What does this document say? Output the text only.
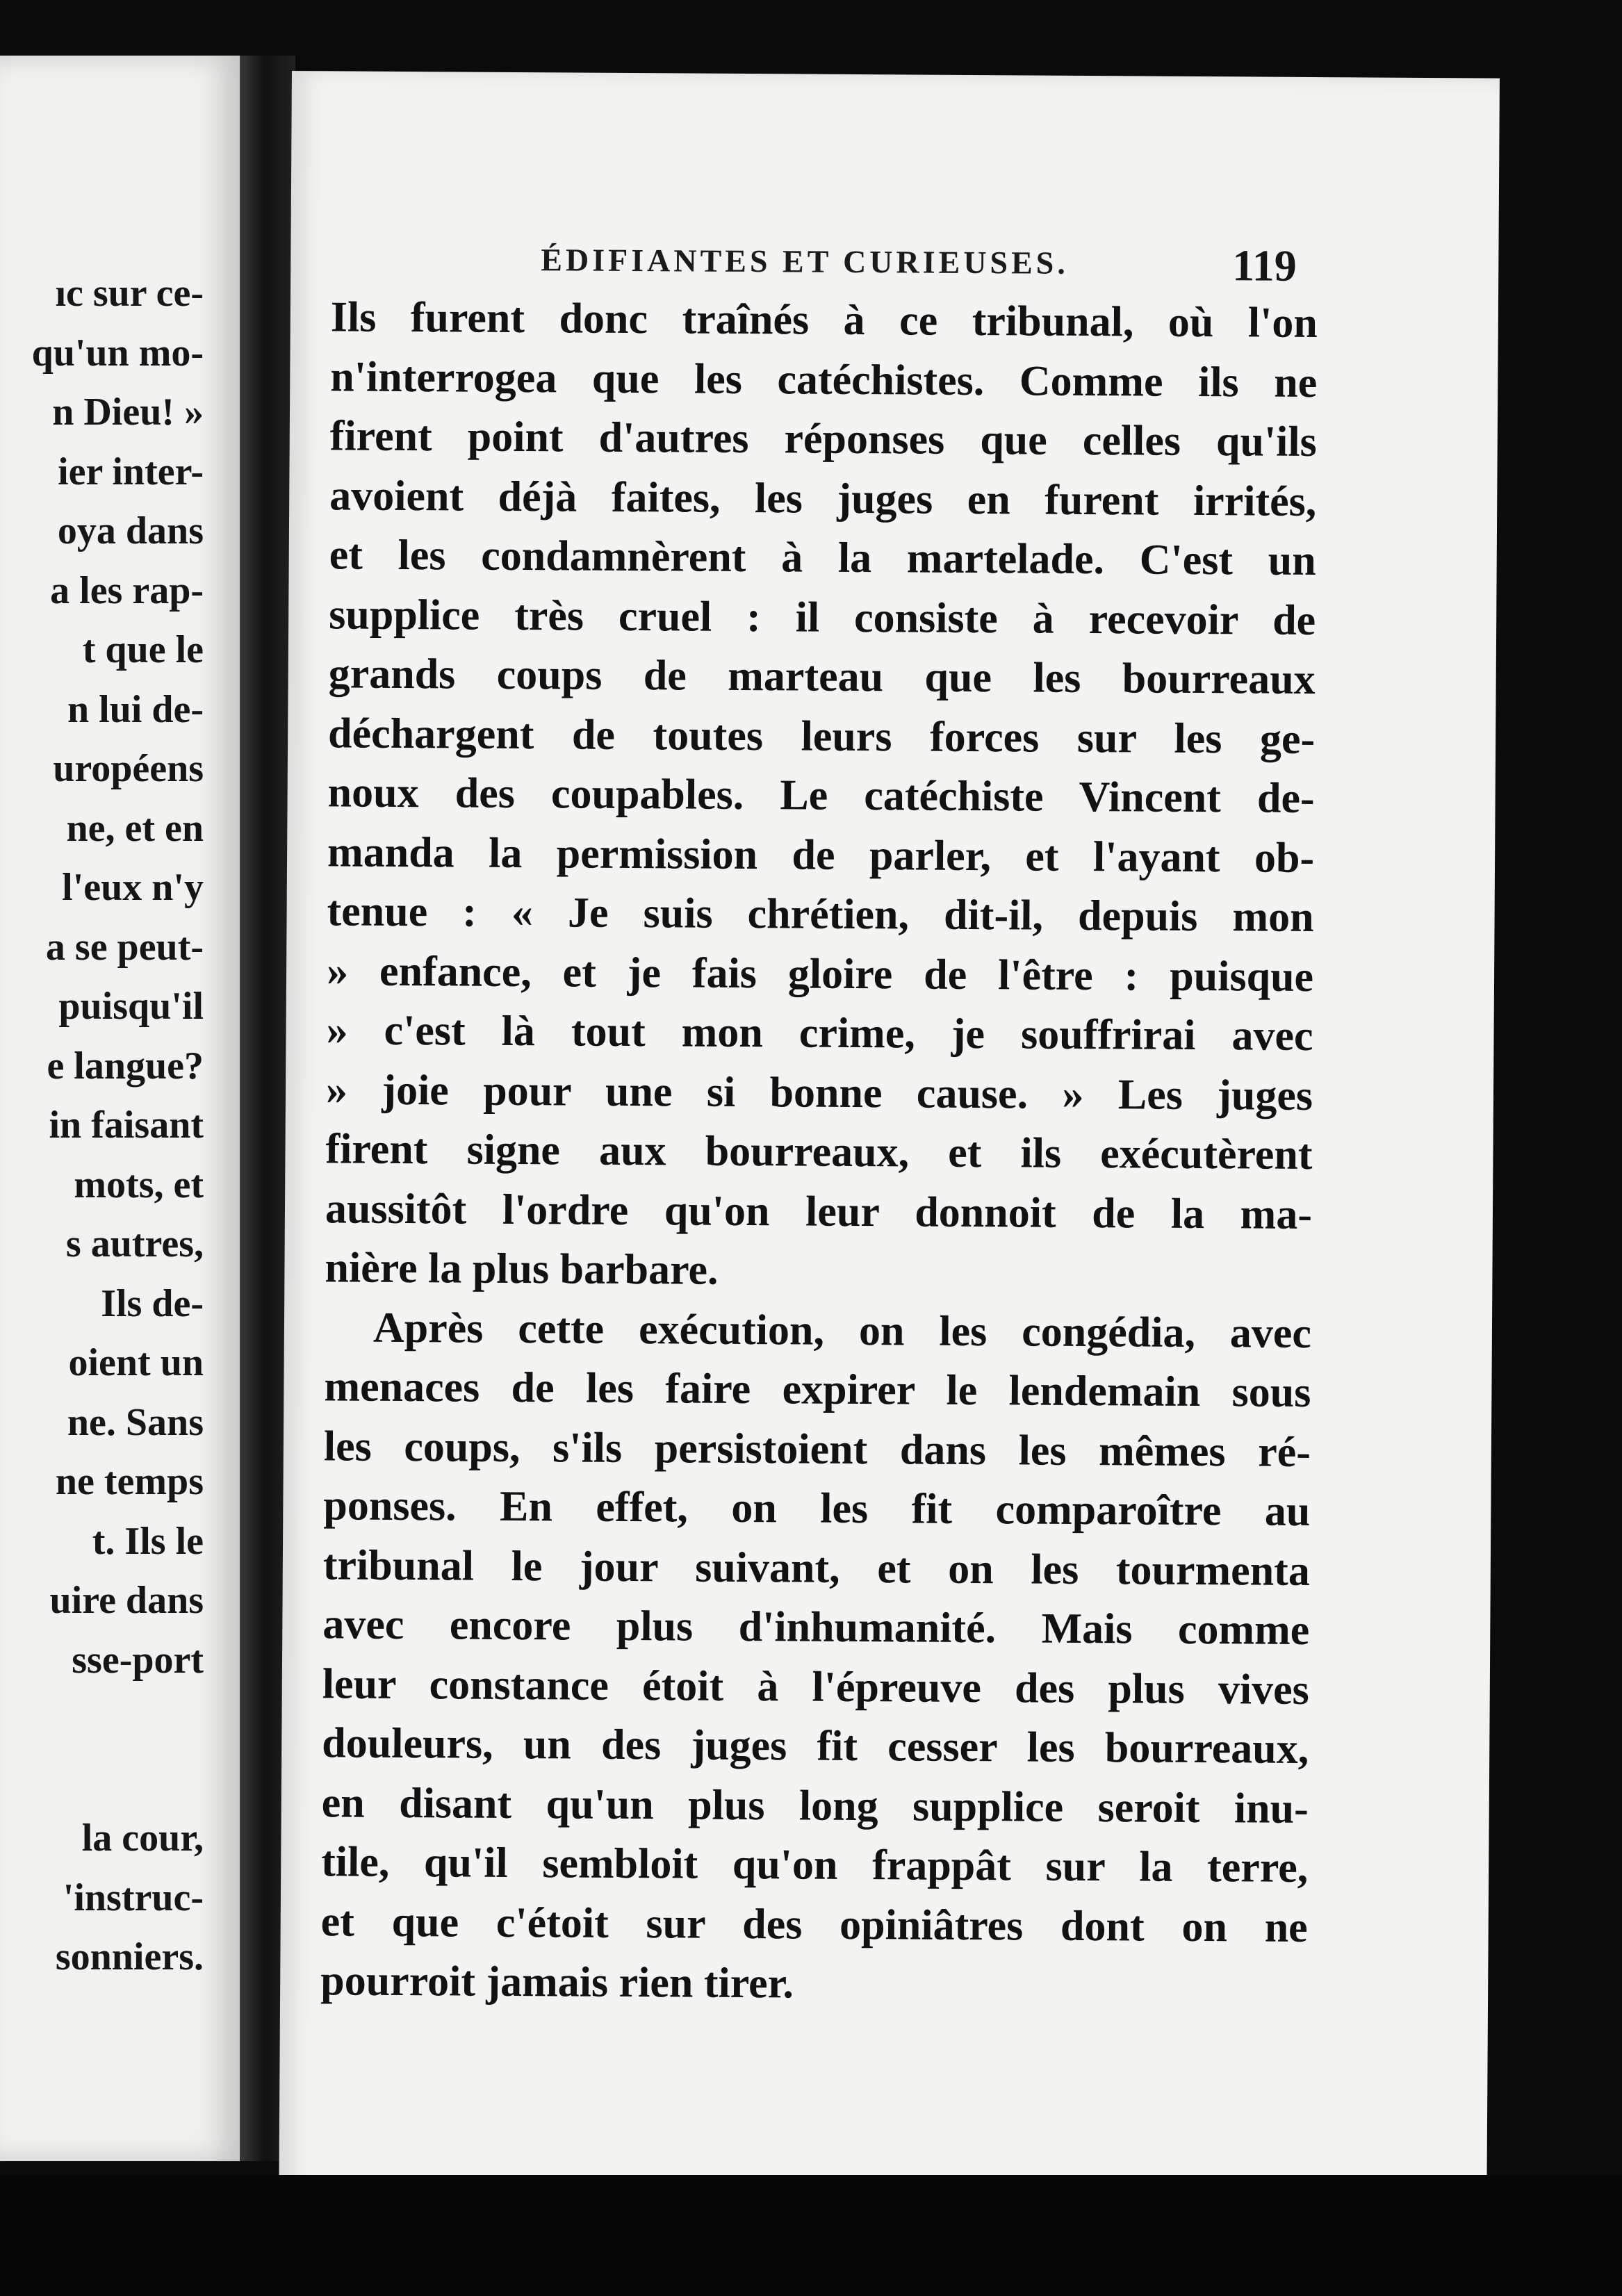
ıc sur ce-
qu'un mo-
n Dieu! »
ier inter-
oya dans
a les rap-
t que le
n lui de-
uropéens
ne, et en
l'eux n'y
a se peut-
puisqu'il
e langue?
in faisant
mots, et
s autres,
Ils de-
oient un
ne. Sans
ne temps
t. Ils le
uire dans
sse-port
la cour,
'instruc-
sonniers.
ÉDIFIANTES ET CURIEUSES.	119
Ils furent donc traînés à ce tribunal, où l'on
n'interrogea que les catéchistes. Comme ils ne
firent point d'autres réponses que celles qu'ils
avoient déjà faites, les juges en furent irrités,
et les condamnèrent à la martelade. C'est un
supplice très cruel : il consiste à recevoir de
grands coups de marteau que les bourreaux
déchargent de toutes leurs forces sur les ge-
noux des coupables. Le catéchiste Vincent de-
manda la permission de parler, et l'ayant ob-
tenue : « Je suis chrétien, dit-il, depuis mon
» enfance, et je fais gloire de l'être : puisque
» c'est là tout mon crime, je souffrirai avec
» joie pour une si bonne cause. » Les juges
firent signe aux bourreaux, et ils exécutèrent
aussitôt l'ordre qu'on leur donnoit de la ma-
nière la plus barbare.
Après cette exécution, on les congédia, avec
menaces de les faire expirer le lendemain sous
les coups, s'ils persistoient dans les mêmes ré-
ponses. En effet, on les fit comparoître au
tribunal le jour suivant, et on les tourmenta
avec encore plus d'inhumanité. Mais comme
leur constance étoit à l'épreuve des plus vives
douleurs, un des juges fit cesser les bourreaux,
en disant qu'un plus long supplice seroit inu-
tile, qu'il sembloit qu'on frappât sur la terre,
et que c'étoit sur des opiniâtres dont on ne
pourroit jamais rien tirer.
